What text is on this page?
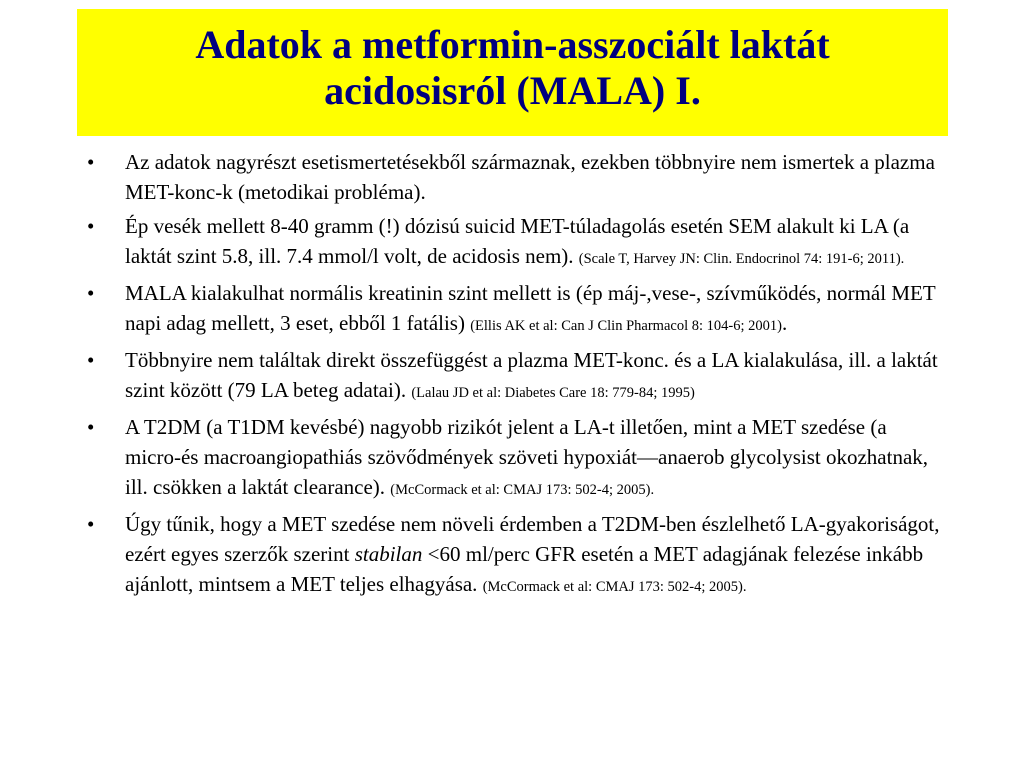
Adatok a metformin-asszociált laktát
acidosisról (MALA) I.
• Az adatok nagyrészt esetismertetésekből származnak, ezekben többnyire nem ismertek a plazma MET-konc-k (metodikai probléma).
• Ép vesék mellett 8-40 gramm (!) dózisú suicid MET-túladagolás esetén SEM alakult ki LA (a laktát szint 5.8, ill. 7.4 mmol/l volt, de acidosis nem). (Scale T, Harvey JN: Clin. Endocrinol 74: 191-6; 2011).
• MALA kialakulhat normális kreatinin szint mellett is (ép máj-,vese-, szívműködés, normál MET napi adag mellett, 3 eset, ebből 1 fatális) (Ellis AK et al: Can J Clin Pharmacol 8: 104-6; 2001).
• Többnyire nem találtak direkt összefüggést a plazma MET-konc. és a LA kialakulása, ill. a laktát szint között (79 LA beteg adatai). (Lalau JD et al: Diabetes Care 18: 779-84; 1995)
• A T2DM (a T1DM kevésbé) nagyobb rizikót jelent a LA-t illetően, mint a MET szedése (a micro-és macroangiopathiás szövődmények szöveti hypoxiát—anaerob glycolysist okozhatnak, ill. csökken a laktát clearance). (McCormack et al: CMAJ 173: 502-4; 2005).
• Úgy tűnik, hogy a MET szedése nem növeli érdemben a T2DM-ben észlelhető LA-gyakoriságot, ezért egyes szerzők szerint stabilan <60 ml/perc GFR esetén a MET adagjának felezése inkább ajánlott, mintsem a MET teljes elhagyása. (McCormack et al: CMAJ 173: 502-4; 2005).
